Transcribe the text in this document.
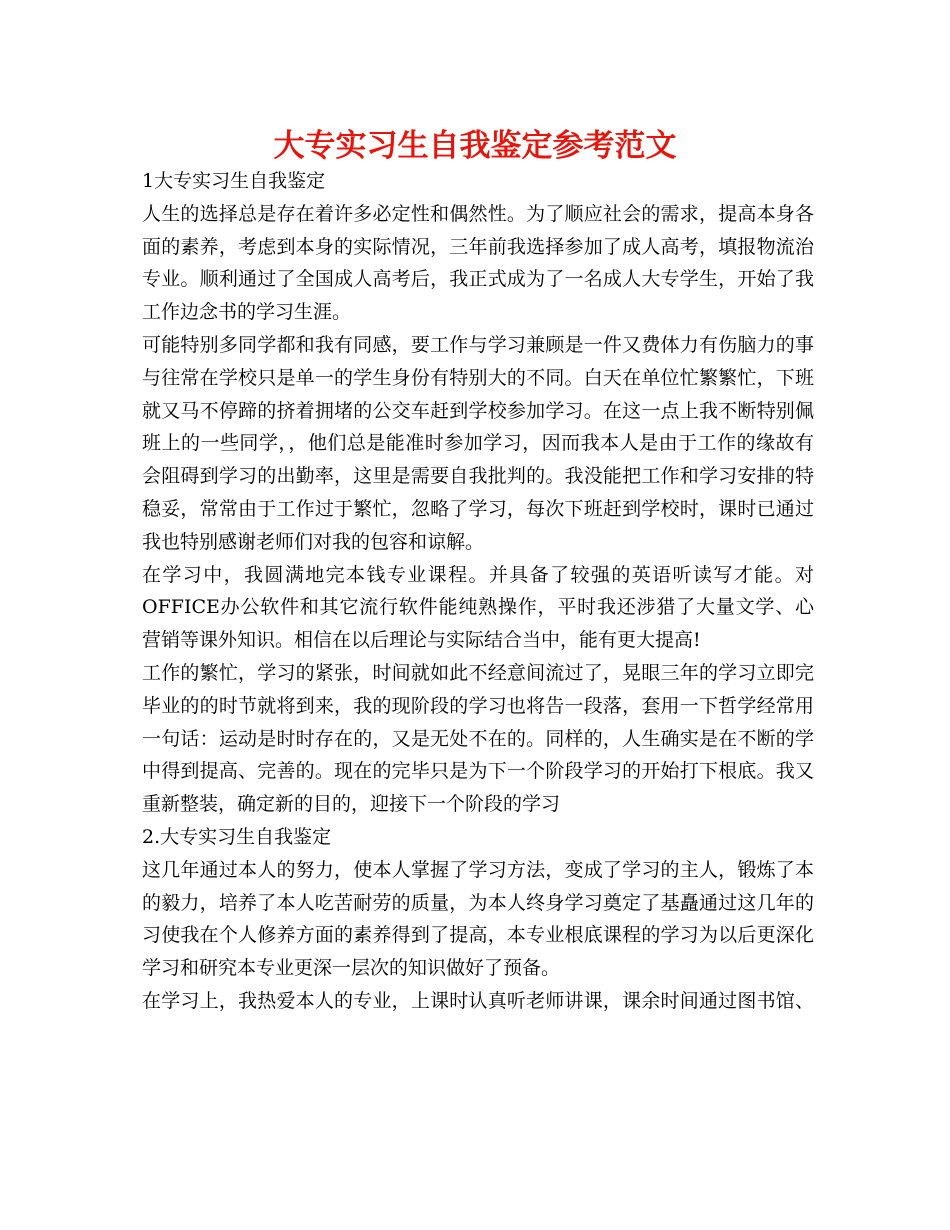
大专实习生自我鉴定参考范文
1大专实习生自我鉴定
人生的选择总是存在着许多必定性和偶然性。为了顺应社会的需求，提高本身各
面的素养，考虑到本身的实际情况，三年前我选择参加了成人高考，填报物流治
专业。顺利通过了全国成人高考后，我正式成为了一名成人大专学生，开始了我
工作边念书的学习生涯。
可能特别多同学都和我有同感，要工作与学习兼顾是一件又费体力有伤脑力的事
与往常在学校只是单一的学生身份有特别大的不同。白天在单位忙繁繁忙，下班
就又马不停蹄的挤着拥堵的公交车赶到学校参加学习。在这一点上我不断特别佩
班上的一些同学，，他们总是能准时参加学习，因而我本人是由于工作的缘故有
会阻碍到学习的出勤率，这里是需要自我批判的。我没能把工作和学习安排的特
稳妥，常常由于工作过于繁忙，忽略了学习，每次下班赶到学校时，课时已通过
我也特别感谢老师们对我的包容和谅解。
在学习中，我圆满地完本钱专业课程。并具备了较强的英语听读写才能。对
OFFICE办公软件和其它流行软件能纯熟操作，平时我还涉猎了大量文学、心
营销等课外知识。相信在以后理论与实际结合当中，能有更大提高!
工作的繁忙，学习的紧张，时间就如此不经意间流过了，晃眼三年的学习立即完
毕业的的时节就将到来，我的现阶段的学习也将告一段落，套用一下哲学经常用
一句话：运动是时时存在的，又是无处不在的。同样的，人生确实是在不断的学
中得到提高、完善的。现在的完毕只是为下一个阶段学习的开始打下根底。我又
重新整装，确定新的目的，迎接下一个阶段的学习
2.大专实习生自我鉴定
这几年通过本人的努力，使本人掌握了学习方法，变成了学习的主人，锻炼了本
的毅力，培养了本人吃苦耐劳的质量，为本人终身学习奠定了基矗通过这几年的
习使我在个人修养方面的素养得到了提高，本专业根底课程的学习为以后更深化
学习和研究本专业更深一层次的知识做好了预备。
在学习上，我热爱本人的专业，上课时认真听老师讲课，课余时间通过图书馆、
